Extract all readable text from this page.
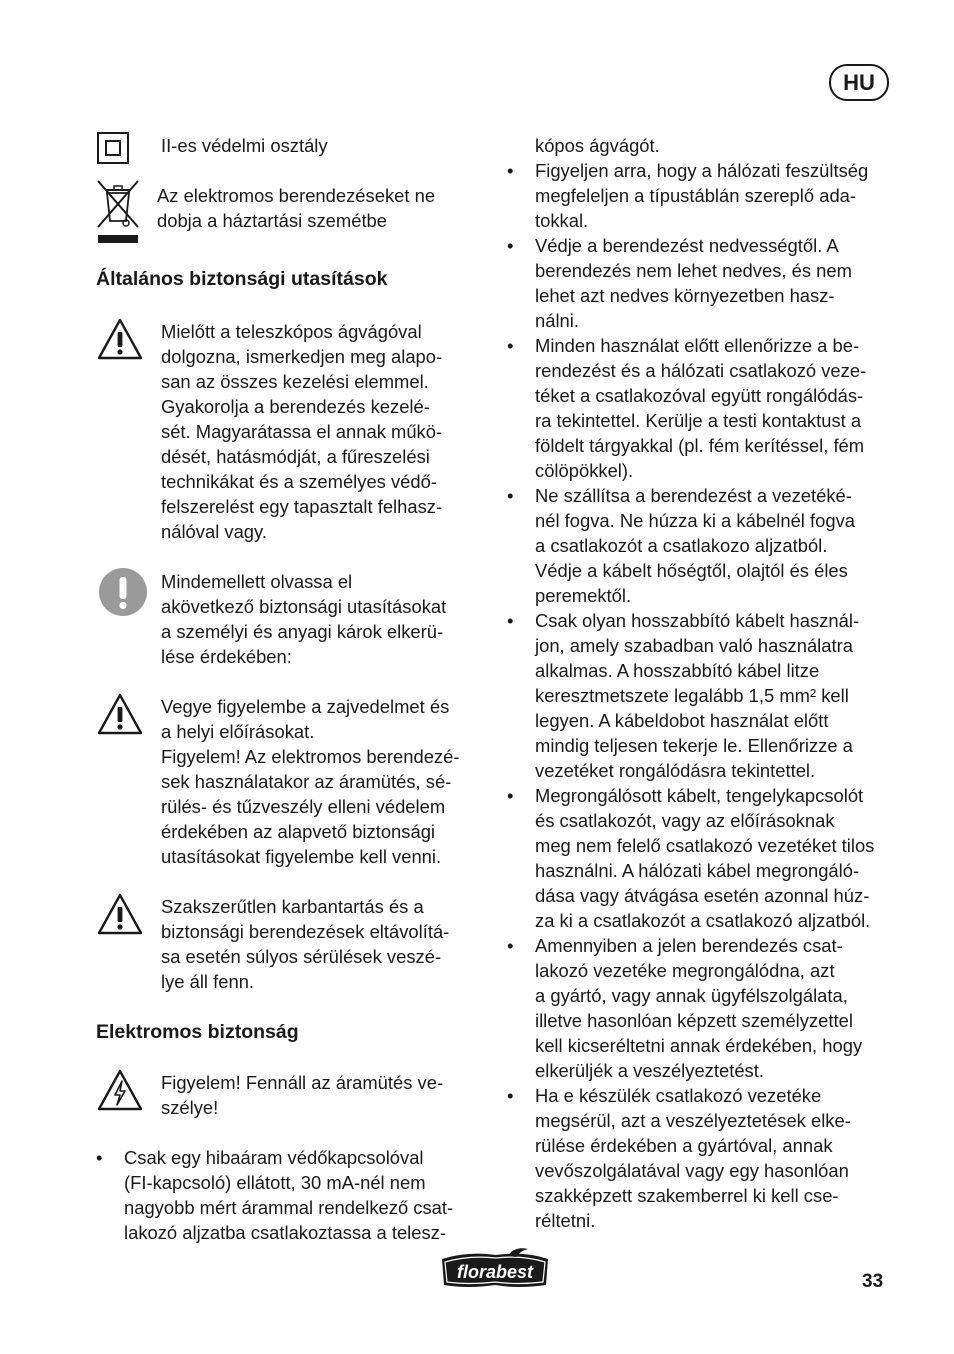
HU
II-es védelmi osztály
Az elektromos berendezéseket ne
dobja a háztartási szemétbe
Általános biztonsági utasítások
Mielőtt a teleszkópos ágvágóval
dolgozna, ismerkedjen meg alapo-
san az összes kezelési elemmel.
Gyakorolja a berendezés kezelé-
sét. Magyarátassa el annak műkö-
dését, hatásmódját, a fűreszelési
technikákat és a személyes védő-
felszerelést egy tapasztalt felhasz-
nálóval vagy.
Mindemellett olvassa el
akövetkező biztonsági utasításokat
a személyi és anyagi károk elkerü-
lése érdekében:
Vegye figyelembe a zajvedelmet és
a helyi előírásokat.
Figyelem! Az elektromos berendezé-
sek használatakor az áramütés, sé-
rülés- és tűzveszély elleni védelem
érdekében az alapvető biztonsági
utasításokat figyelembe kell venni.
Szakszerűtlen karbantartás és a
biztonsági berendezések eltávolítá-
sa esetén súlyos sérülések veszé-
lye áll fenn.
Elektromos biztonság
Figyelem! Fennáll az áramütés ve-
szélye!
• Csak egy hibaáram védőkapcsolóval
(FI-kapcsoló) ellátott, 30 mA-nél nem
nagyobb mért árammal rendelkező csat-
lakozó aljzatba csatlakoztassa a telesz-
kópos ágvágót.
• Figyeljen arra, hogy a hálózati feszültség
megfeleljen a típustáblán szereplő ada-
tokkal.
• Védje a berendezést nedvességtől. A
berendezés nem lehet nedves, és nem
lehet azt nedves környezetben hasz-
nálni.
• Minden használat előtt ellenőrizze a be-
rendezést és a hálózati csatlakozó veze-
téket a csatlakozóval együtt rongálódás-
ra tekintettel. Kerülje a testi kontaktust a
földelt tárgyakkal (pl. fém kerítéssel, fém
cölöpökkel).
• Ne szállítsa a berendezést a vezetéké-
nél fogva. Ne húzza ki a kábelnél fogva
a csatlakozót a csatlakozo aljzatból.
Védje a kábelt hőségtől, olajtól és éles
peremektől.
• Csak olyan hosszabbító kábelt használ-
jon, amely szabadban való használatra
alkalmas. A hosszabbító kábel litze
keresztmetszete legalább 1,5 mm² kell
legyen. A kábeldobot használat előtt
mindig teljesen tekerje le. Ellenőrizze a
vezetéket rongálódásra tekintettel.
• Megrongálósott kábelt, tengelykapcsolót
és csatlakozót, vagy az előírásoknak
meg nem felelő csatlakozó vezetéket tilos
használni. A hálózati kábel megrongáló-
dása vagy átvágása esetén azonnal húz-
za ki a csatlakozót a csatlakozó aljzatból.
• Amennyiben a jelen berendezés csat-
lakozó vezetéke megrongálódna, azt
a gyártó, vagy annak ügyfélszolgálata,
illetve hasonlóan képzett személyzettel
kell kicseréltetni annak érdekében, hogy
elkerüljék a veszélyeztetést.
• Ha e készülék csatlakozó vezetéke
megsérül, azt a veszélyeztetések elke-
rülése érdekében a gyártóval, annak
vevőszolgálatával vagy egy hasonlóan
szakképzett szakemberrel ki kell cse-
réltetni.
florabest	33
